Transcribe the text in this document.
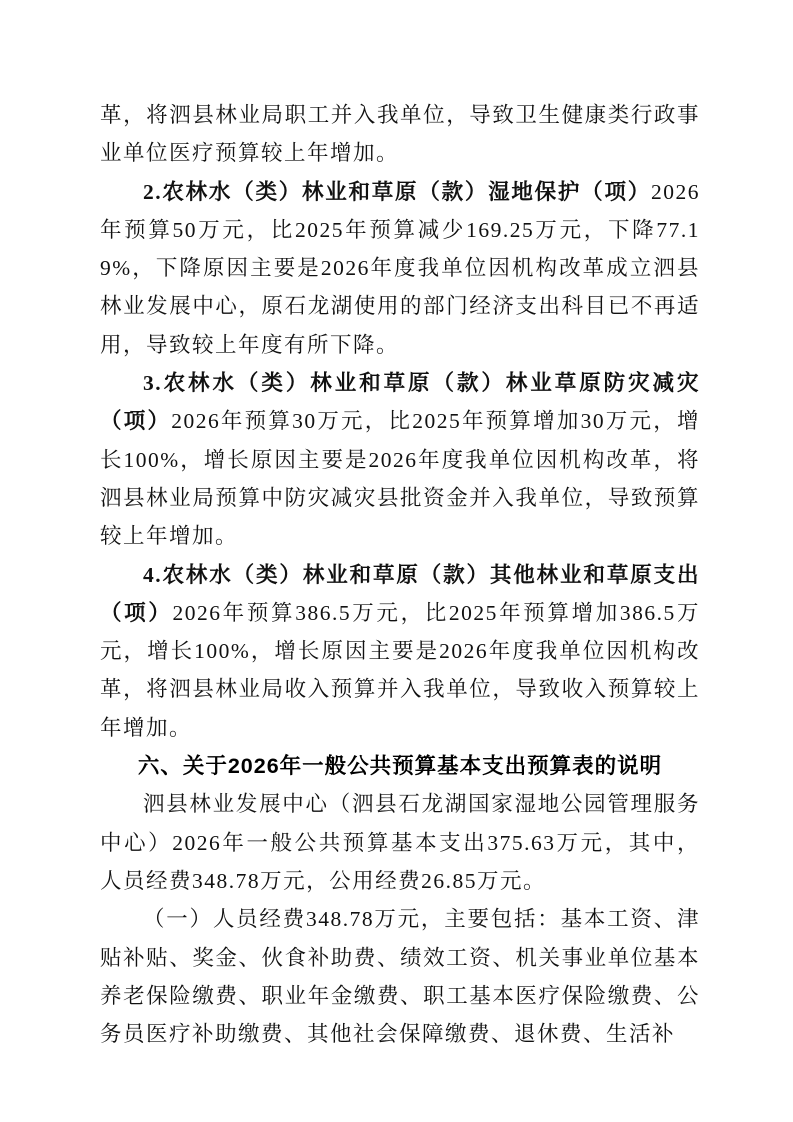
革，将泗县林业局职工并入我单位，导致卫生健康类行政事业单位医疗预算较上年增加。

2.农林水（类）林业和草原（款）湿地保护（项）2026年预算50万元，比2025年预算减少169.25万元，下降77.19%，下降原因主要是2026年度我单位因机构改革成立泗县林业发展中心，原石龙湖使用的部门经济支出科目已不再适用，导致较上年度有所下降。

3.农林水（类）林业和草原（款）林业草原防灾减灾（项）2026年预算30万元，比2025年预算增加30万元，增长100%，增长原因主要是2026年度我单位因机构改革，将泗县林业局预算中防灾减灾县批资金并入我单位，导致预算较上年增加。

4.农林水（类）林业和草原（款）其他林业和草原支出（项）2026年预算386.5万元，比2025年预算增加386.5万元，增长100%，增长原因主要是2026年度我单位因机构改革，将泗县林业局收入预算并入我单位，导致收入预算较上年增加。

六、关于2026年一般公共预算基本支出预算表的说明

泗县林业发展中心（泗县石龙湖国家湿地公园管理服务中心）2026年一般公共预算基本支出375.63万元，其中，人员经费348.78万元，公用经费26.85万元。

（一）人员经费348.78万元，主要包括：基本工资、津贴补贴、奖金、伙食补助费、绩效工资、机关事业单位基本养老保险缴费、职业年金缴费、职工基本医疗保险缴费、公务员医疗补助缴费、其他社会保障缴费、退休费、生活补
